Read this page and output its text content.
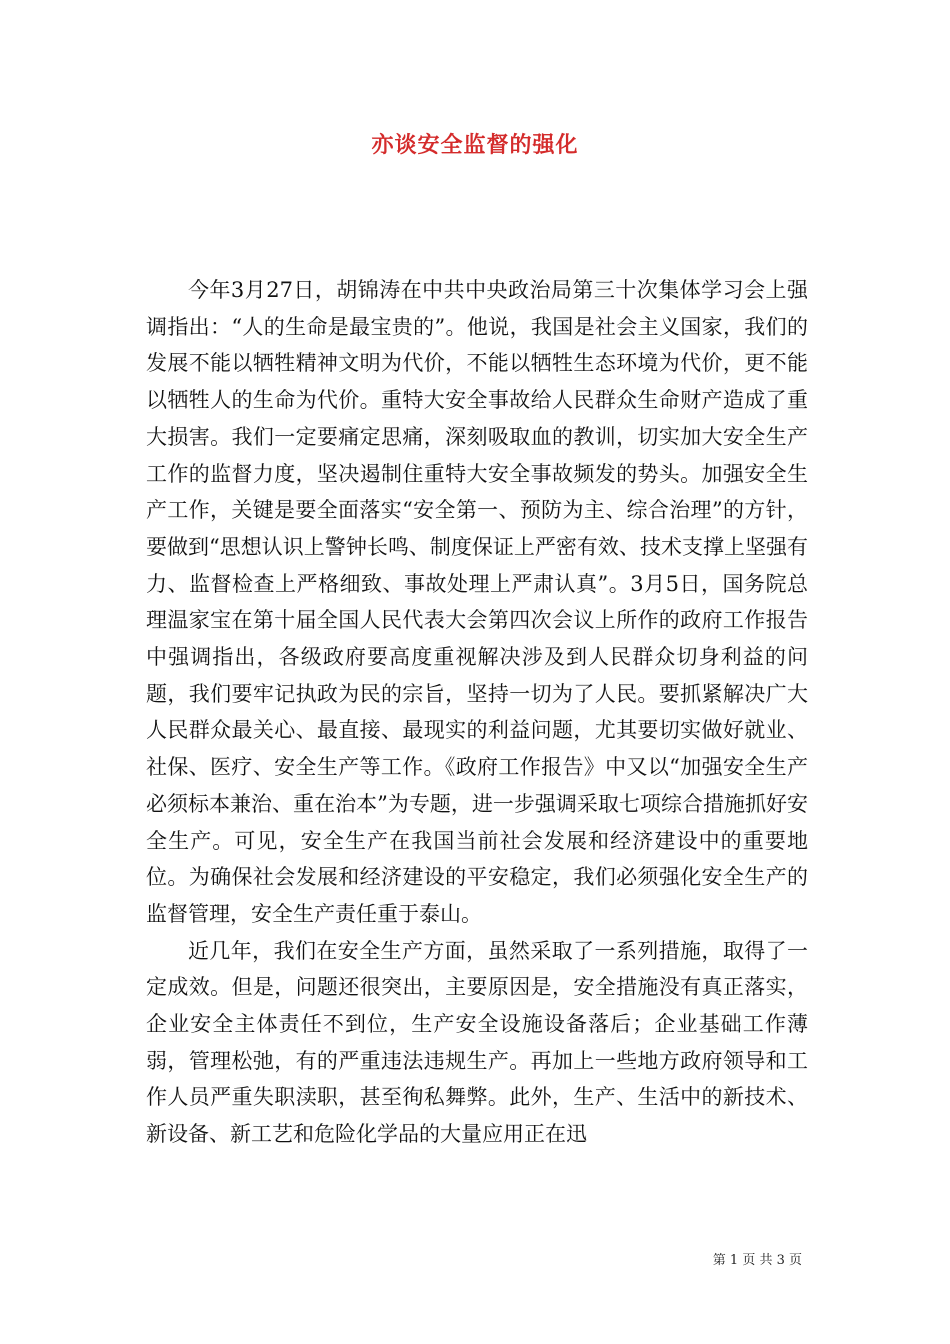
亦谈安全监督的强化

今年3月27日，胡锦涛在中共中央政治局第三十次集体学习会上强调指出：“人的生命是最宝贵的”。他说，我国是社会主义国家，我们的发展不能以牺牲精神文明为代价，不能以牺牲生态环境为代价，更不能以牺牲人的生命为代价。重特大安全事故给人民群众生命财产造成了重大损害。我们一定要痛定思痛，深刻吸取血的教训，切实加大安全生产工作的监督力度，坚决遏制住重特大安全事故频发的势头。加强安全生产工作，关键是要全面落实“安全第一、预防为主、综合治理”的方针，要做到“思想认识上警钟长鸣、制度保证上严密有效、技术支撑上坚强有力、监督检查上严格细致、事故处理上严肃认真”。3月5日，国务院总理温家宝在第十届全国人民代表大会第四次会议上所作的政府工作报告中强调指出，各级政府要高度重视解决涉及到人民群众切身利益的问题，我们要牢记执政为民的宗旨，坚持一切为了人民。要抓紧解决广大人民群众最关心、最直接、最现实的利益问题，尤其要切实做好就业、社保、医疗、安全生产等工作。《政府工作报告》中又以“加强安全生产必须标本兼治、重在治本”为专题，进一步强调采取七项综合措施抓好安全生产。可见，安全生产在我国当前社会发展和经济建设中的重要地位。为确保社会发展和经济建设的平安稳定，我们必须强化安全生产的监督管理，安全生产责任重于泰山。

近几年，我们在安全生产方面，虽然采取了一系列措施，取得了一定成效。但是，问题还很突出，主要原因是，安全措施没有真正落实，企业安全主体责任不到位，生产安全设施设备落后；企业基础工作薄弱，管理松弛，有的严重违法违规生产。再加上一些地方政府领导和工作人员严重失职渎职，甚至徇私舞弊。此外，生产、生活中的新技术、新设备、新工艺和危险化学品的大量应用正在迅

第 1 页 共 3 页
